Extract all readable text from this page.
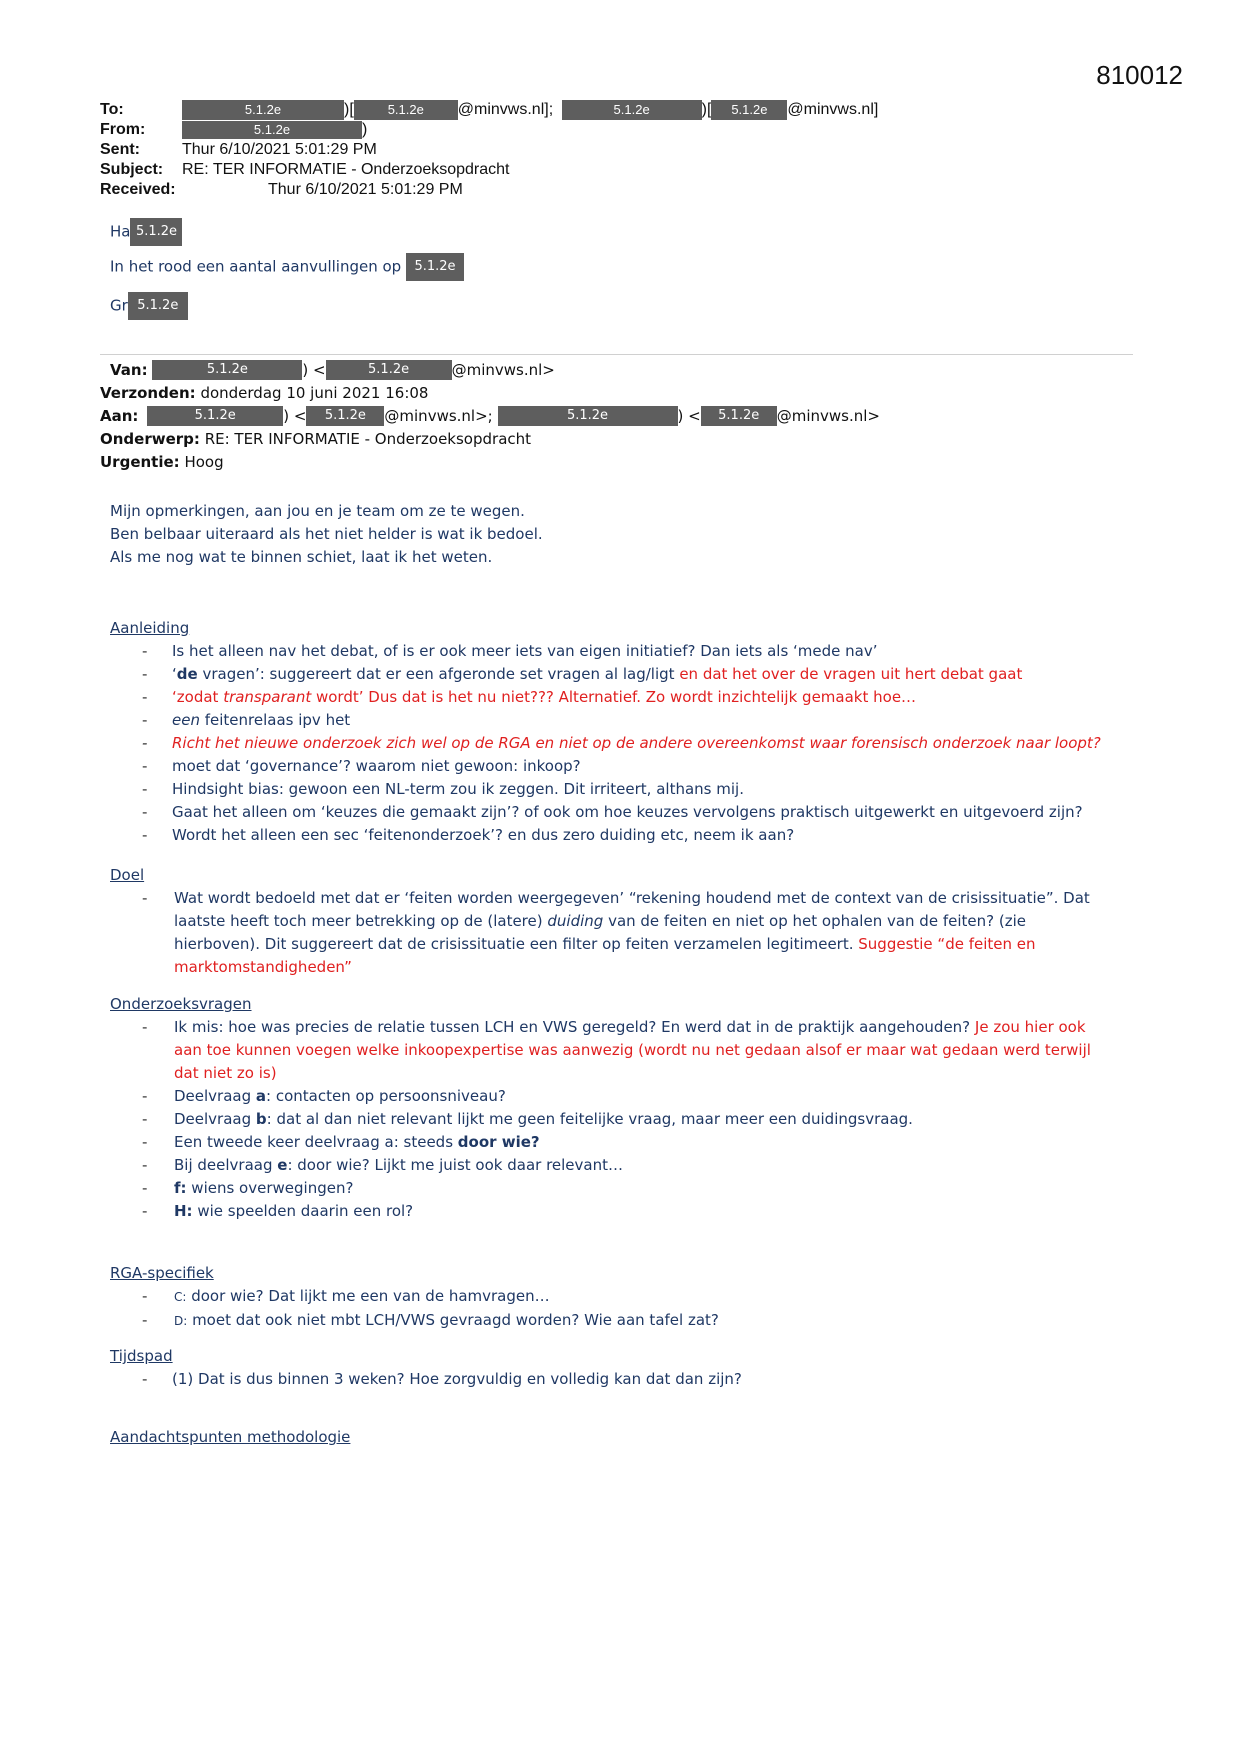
810012
To:	5.1.2e	)[	5.1.2e @minvws.nl];	5.1.2e	)[ 5.1.2e @minvws.nl]
From:	5.1.2e	)
Sent:	Thur 6/10/2021 5:01:29 PM
Subject:	RE: TER INFORMATIE - Onderzoeksopdracht
Received:	Thur 6/10/2021 5:01:29 PM
Ha 5.1.2e
In het rood een aantal aanvullingen op 5.1.2e
Gr 5.1.2e
Van:
	5.1.2e	) <	5.1.2e	@minvws.nl>
Verzonden:
donderdag 10 juni 2021 16:08
Aan:
	5.1.2e	) <	5.1.2e	@minvws.nl>;
	5.1.2e	) <	5.1.2e	@minvws.nl>
Onderwerp:
RE: TER INFORMATIE - Onderzoeksopdracht
Urgentie:
Hoog
Mijn opmerkingen, aan jou en je team om ze te wegen.
Ben belbaar uiteraard als het niet helder is wat ik bedoel.
Als me nog wat te binnen schiet, laat ik het weten.
Aanleiding
- Is het alleen nav het debat, of is er ook meer iets van eigen initiatief? Dan iets als ‘mede nav’
- ‘de vragen’: suggereert dat er een afgeronde set vragen al lag/ligt en dat het over de vragen uit hert debat gaat
- ‘zodat transparant wordt’ Dus dat is het nu niet??? Alternatief. Zo wordt inzichtelijk gemaakt hoe…
- een feitenrelaas ipv het
- Richt het nieuwe onderzoek zich wel op de RGA en niet op de andere overeenkomst waar forensisch onderzoek naar loopt?
- moet dat ‘governance’? waarom niet gewoon: inkoop?
- Hindsight bias: gewoon een NL-term zou ik zeggen. Dit irriteert, althans mij.
- Gaat het alleen om ‘keuzes die gemaakt zijn’? of ook om hoe keuzes vervolgens praktisch uitgewerkt en uitgevoerd zijn?
- Wordt het alleen een sec ‘feitenonderzoek’? en dus zero duiding etc, neem ik aan?
Doel
- Wat wordt bedoeld met dat er ‘feiten worden weergegeven’ “rekening houdend met de context van de crisissituatie”. Dat
laatste heeft toch meer betrekking op de (latere) duiding van de feiten en niet op het ophalen van de feiten? (zie
hierboven). Dit suggereert dat de crisissituatie een filter op feiten verzamelen legitimeert. Suggestie “de feiten en
marktomstandigheden”
Onderzoeksvragen
- Ik mis: hoe was precies de relatie tussen LCH en VWS geregeld? En werd dat in de praktijk aangehouden? Je zou hier ook
aan toe kunnen voegen welke inkoopexpertise was aanwezig (wordt nu net gedaan alsof er maar wat gedaan werd terwijl
dat niet zo is)
- Deelvraag a: contacten op persoonsniveau?
- Deelvraag b: dat al dan niet relevant lijkt me geen feitelijke vraag, maar meer een duidingsvraag.
- Een tweede keer deelvraag a: steeds door wie?
- Bij deelvraag e: door wie? Lijkt me juist ook daar relevant…
- f: wiens overwegingen?
- H: wie speelden daarin een rol?
RGA-specifiek
- C: door wie? Dat lijkt me een van de hamvragen…
- D: moet dat ook niet mbt LCH/VWS gevraagd worden? Wie aan tafel zat?
Tijdspad
- (1) Dat is dus binnen 3 weken? Hoe zorgvuldig en volledig kan dat dan zijn?
Aandachtspunten methodologie
